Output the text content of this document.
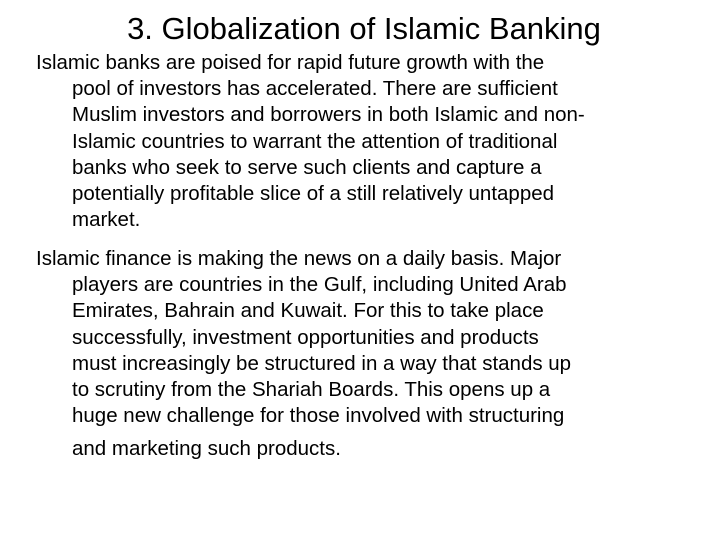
3. Globalization of Islamic Banking

Islamic banks are poised for rapid future growth with the
pool of investors has accelerated. There are sufficient
Muslim investors and borrowers in both Islamic and non-
Islamic countries to warrant the attention of traditional
banks who seek to serve such clients and capture a
potentially profitable slice of a still relatively untapped
market.

Islamic finance is making the news on a daily basis. Major
players are countries in the Gulf, including United Arab
Emirates, Bahrain and Kuwait. For this to take place
successfully, investment opportunities and products
must increasingly be structured in a way that stands up
to scrutiny from the Shariah Boards. This opens up a
huge new challenge for those involved with structuring
and marketing such products.
